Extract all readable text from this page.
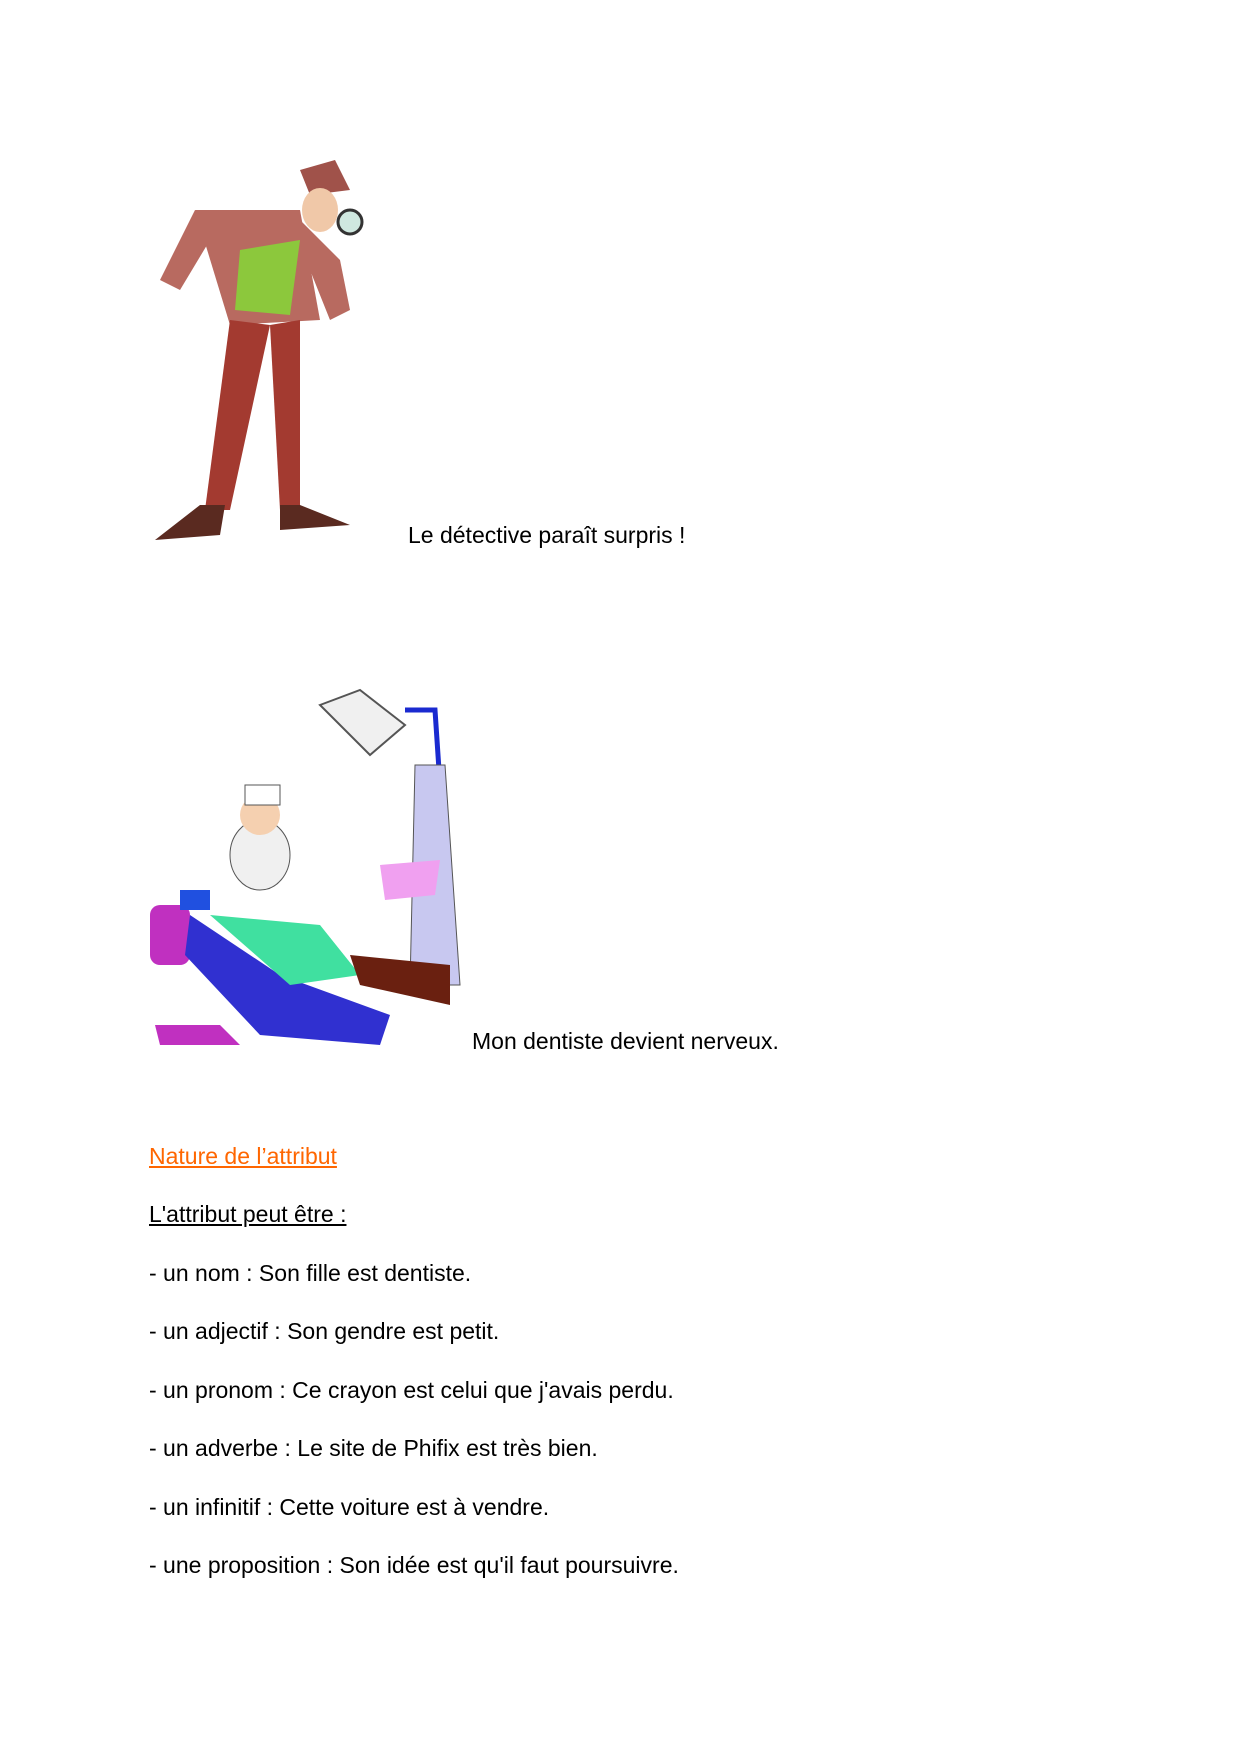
Le détective paraît surpris !
Mon dentiste devient nerveux.
Nature de l’attribut
L'attribut peut être :
- un nom : Son fille est dentiste.
- un adjectif : Son gendre est petit.
- un pronom : Ce crayon est celui que j'avais perdu.
- un adverbe : Le site de Phifix est très bien.
- un infinitif : Cette voiture est à vendre.
- une proposition : Son idée est qu'il faut poursuivre.
